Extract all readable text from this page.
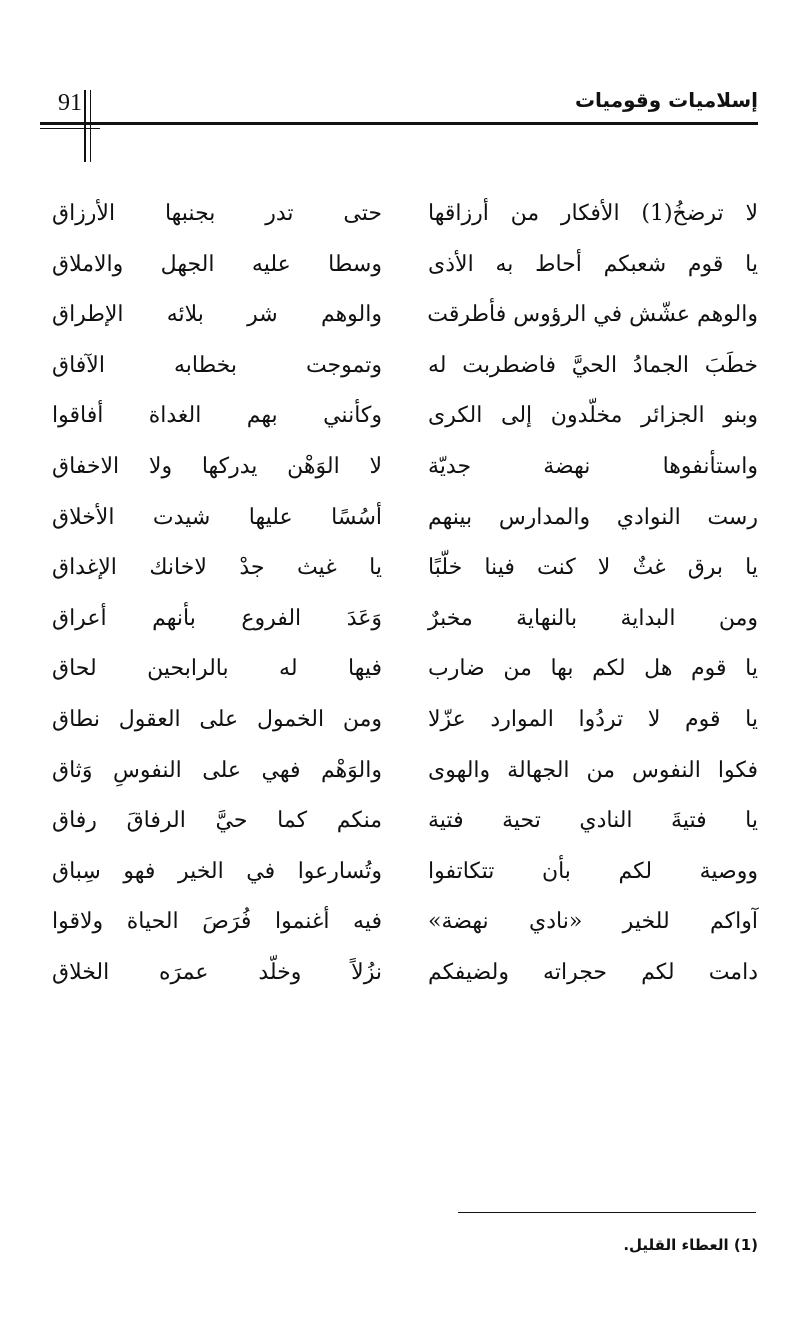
91	إسلاميات وقوميات
لا ترضخُ(1) الأفكار من أرزاقها
حتى تدر بجنبها الأرزاق
يا قوم شعبكم أحاط به الأذى
وسطا عليه الجهل والاملاق
والوهم عشّش في الرؤوس فأطرقت
والوهم شر بلائه الإطراق
خطَبَ الجمادُ الحيَّ فاضطربت له
وتموجت بخطابه الآفاق
وبنو الجزائر مخلّدون إلى الكرى
وكأنني بهم الغداة أفاقوا
واستأنفوها نهضة جديّة
لا الوَهْن يدركها ولا الاخفاق
رست النوادي والمدارس بينهم
أسُسًا عليها شيدت الأخلاق
يا برق غثٌ لا كنت فينا خلّبًا
يا غيث جدْ لاخانك الإغداق
ومن البداية بالنهاية مخبرٌ
وَعَدَ الفروع بأنهم أعراق
يا قوم هل لكم بها من ضارب
فيها له بالرابحين لحاق
يا قوم لا تردُوا الموارد عزّلا
ومن الخمول على العقول نطاق
فكوا النفوس من الجهالة والهوى
والوَهْم فهي على النفوسِ وَثاق
يا فتيةَ النادي تحية فتية
منكم كما حيَّ الرفاقَ رفاق
ووصية لكم بأن تتكاتفوا
وتُسارعوا في الخير فهو سِباق
آواكم للخير «نادي نهضة»
فيه أغنموا فُرَصَ الحياة ولاقوا
دامت لكم حجراته ولضيفكم
نزُلاً وخلّد عمرَه الخلاق
(1) العطاء القليل.
